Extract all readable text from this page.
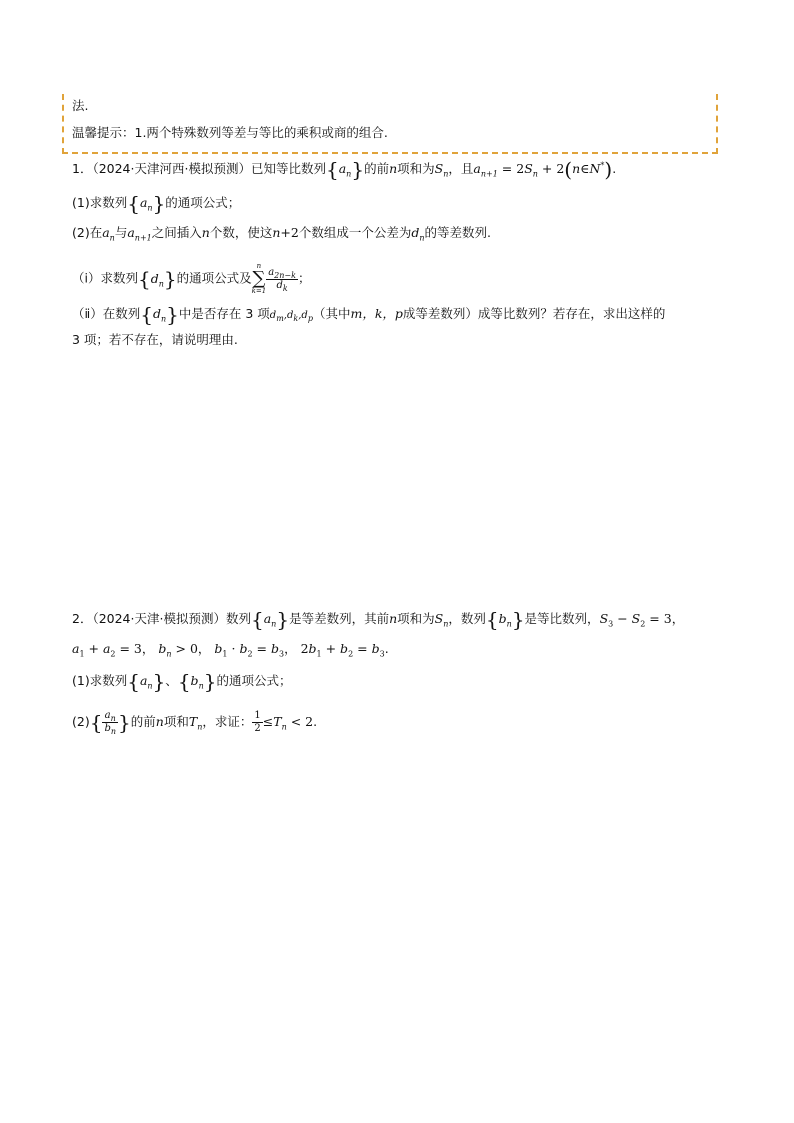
法.
温馨提示：1.两个特殊数列等差与等比的乘积或商的组合.
1．（2024·天津河西·模拟预测）已知等比数列$\{a_n\}$的前n项和为$S_n$，且$a_{n+1} = 2S_n$ + 2(n∈N*).
(1)求数列$\{a_n\}$的通项公式；
(2)在$a_n$与$a_{n+1}$之间插入n个数，使这n+2个数组成一个公差为$d_n$的等差数列.
（ⅰ）求数列$\{d_n\}$的通项公式及
n
∑
$k=1 \frac{a_{2n-k}}{d_k}$ ；
（ⅱ）在数列$\{d_n\}$中是否存在 3 项$d_m,d_k,d_p$（其中m，k，p成等差数列）成等比数列？若存在，求出这样的
3 项；若不存在，请说明理由.
2．（2024·天津·模拟预测）数列$\{a_n\}$是等差数列，其前n项和为$S_n$，数列$\{b_n\}$是等比数列，$S_3 - S_2 = 3$，
$a_1 + a_2 = 3$， $b_n > 0$， $b_1 \cdot b_2 = b_3$， $2b_1 + b_2 = b_3$.
(1)求数列$\{a_n\}$、$\{b_n\}$的通项公式；
$(2)\{ \frac{a_n}{b_n}$ }的前n项和$T_n$，求证： $\frac{1}{2} \le T_n < 2$.
